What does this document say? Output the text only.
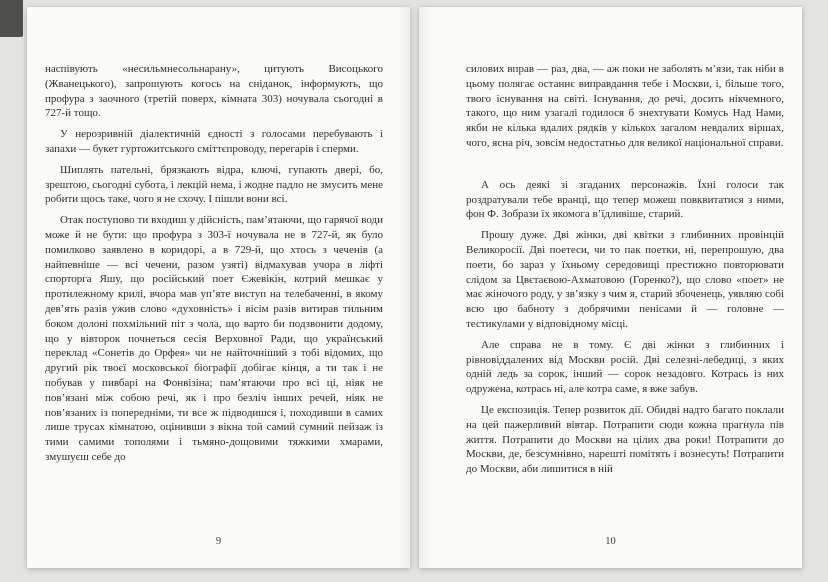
наспівують «несильмнесольнарану», цитують Висоцького (Жванецького), запрошують когось на сніданок, інформують, що профура з заочного (третій поверх, кімната 303) ночувала сьогодні в 727-й тощо.

У нерозривній діалектичній єдності з голосами перебувають і запахи — букет гуртожитського сміттєпроводу, перегарів і сперми.

Шиплять пательні, брязкають відра, ключі, гупають двері, бо, зрештою, сьогодні субота, і лекцій нема, і жодне падло не змусить мене робити щось таке, чого я не схочу. І пішли вони всі.

Отак поступово ти входиш у дійсність, пам’ятаючи, що гарячої води може й не бути: що профура з 303-ї ночувала не в 727-й, як було помилково заявлено в коридорі, а в 729-й, що хтось з чеченів (а найпевніше — всі чечени, разом узяті) відмахував учора в ліфті спорторга Яшу, що російський поет Єжевікін, котрий мешкає у протилежному крилі, вчора мав уп’яте виступ на телебаченні, в якому дев’ять разів ужив слово «духовність» і вісім разів витирав тильним боком долоні похмільний піт з чола, що варто би подзвонити додому, що у вівторок почнеться сесія Верховної Ради, що український переклад «Сонетів до Орфея» чи не найточніший з тобі відомих, що другий рік твоєї московської біографії добігає кінця, а ти так і не побував у пивбарі на Фонвізіна; пам’ятаючи про всі ці, ніяк не пов’язані між собою речі, як і про безліч інших речей, ніяк не пов’язаних із попередніми, ти все ж підводишся і, походивши в самих лише трусах кімнатою, оцінивши з вікна той самий сумний пейзаж із тими самими тополями і тьмяно-дощовими тяжкими хмарами, змушуєш себе до

9

силових вправ — раз, два, — аж поки не заболять м’язи, так ніби в цьому полягає останнє виправдання тебе і Москви, і, більше того, твого існування на світі. Існування, до речі, досить нікчемного, такого, що ним узагалі годилося б знехтувати Комусь Над Нами, якби не кілька вдалих рядків у кількох загалом невдалих віршах, чого, ясна річ, зовсім недостатньо для великої національної справи.

А ось деякі зі згаданих персонажів. Їхні голоси так роздратували тебе вранці, що тепер можеш повквитатися з ними, фон Ф. Зобрази їх якомога в’їдливіше, старий.

Прошу дуже. Дві жінки, дві квітки з глибинних провінцій Великоросії. Дві поетеси, чи то пак поетки, ні, перепрошую, два поети, бо зараз у їхньому середовищі престижно повторювати слідом за Цвєтаєвою-Ахматовою (Горенко?), що слово «поет» не має жіночого роду, у зв’язку з чим я, старий збоченець, уявляю собі всю цю бабноту з добрячими пенісами й — головне — тестикулами у відповідному місці.

Але справа не в тому. Є дві жінки з глибинних і рівновіддалених від Москви росій. Дві селезні-лебедиці, з яких одній ледь за сорок, інший — сорок незадовго. Котрась із них одружена, котрась ні, але котра саме, я вже забув.

Це експозиція. Тепер розвиток дії. Обидві надто багато поклали на цей пажерливий вівтар. Потрапити сюди кожна прагнула пів життя. Потрапити до Москви на цілих два роки! Потрапити до Москви, де, безсумнівно, нарешті помітять і вознесуть! Потрапити до Москви, аби лишитися в ній

10
